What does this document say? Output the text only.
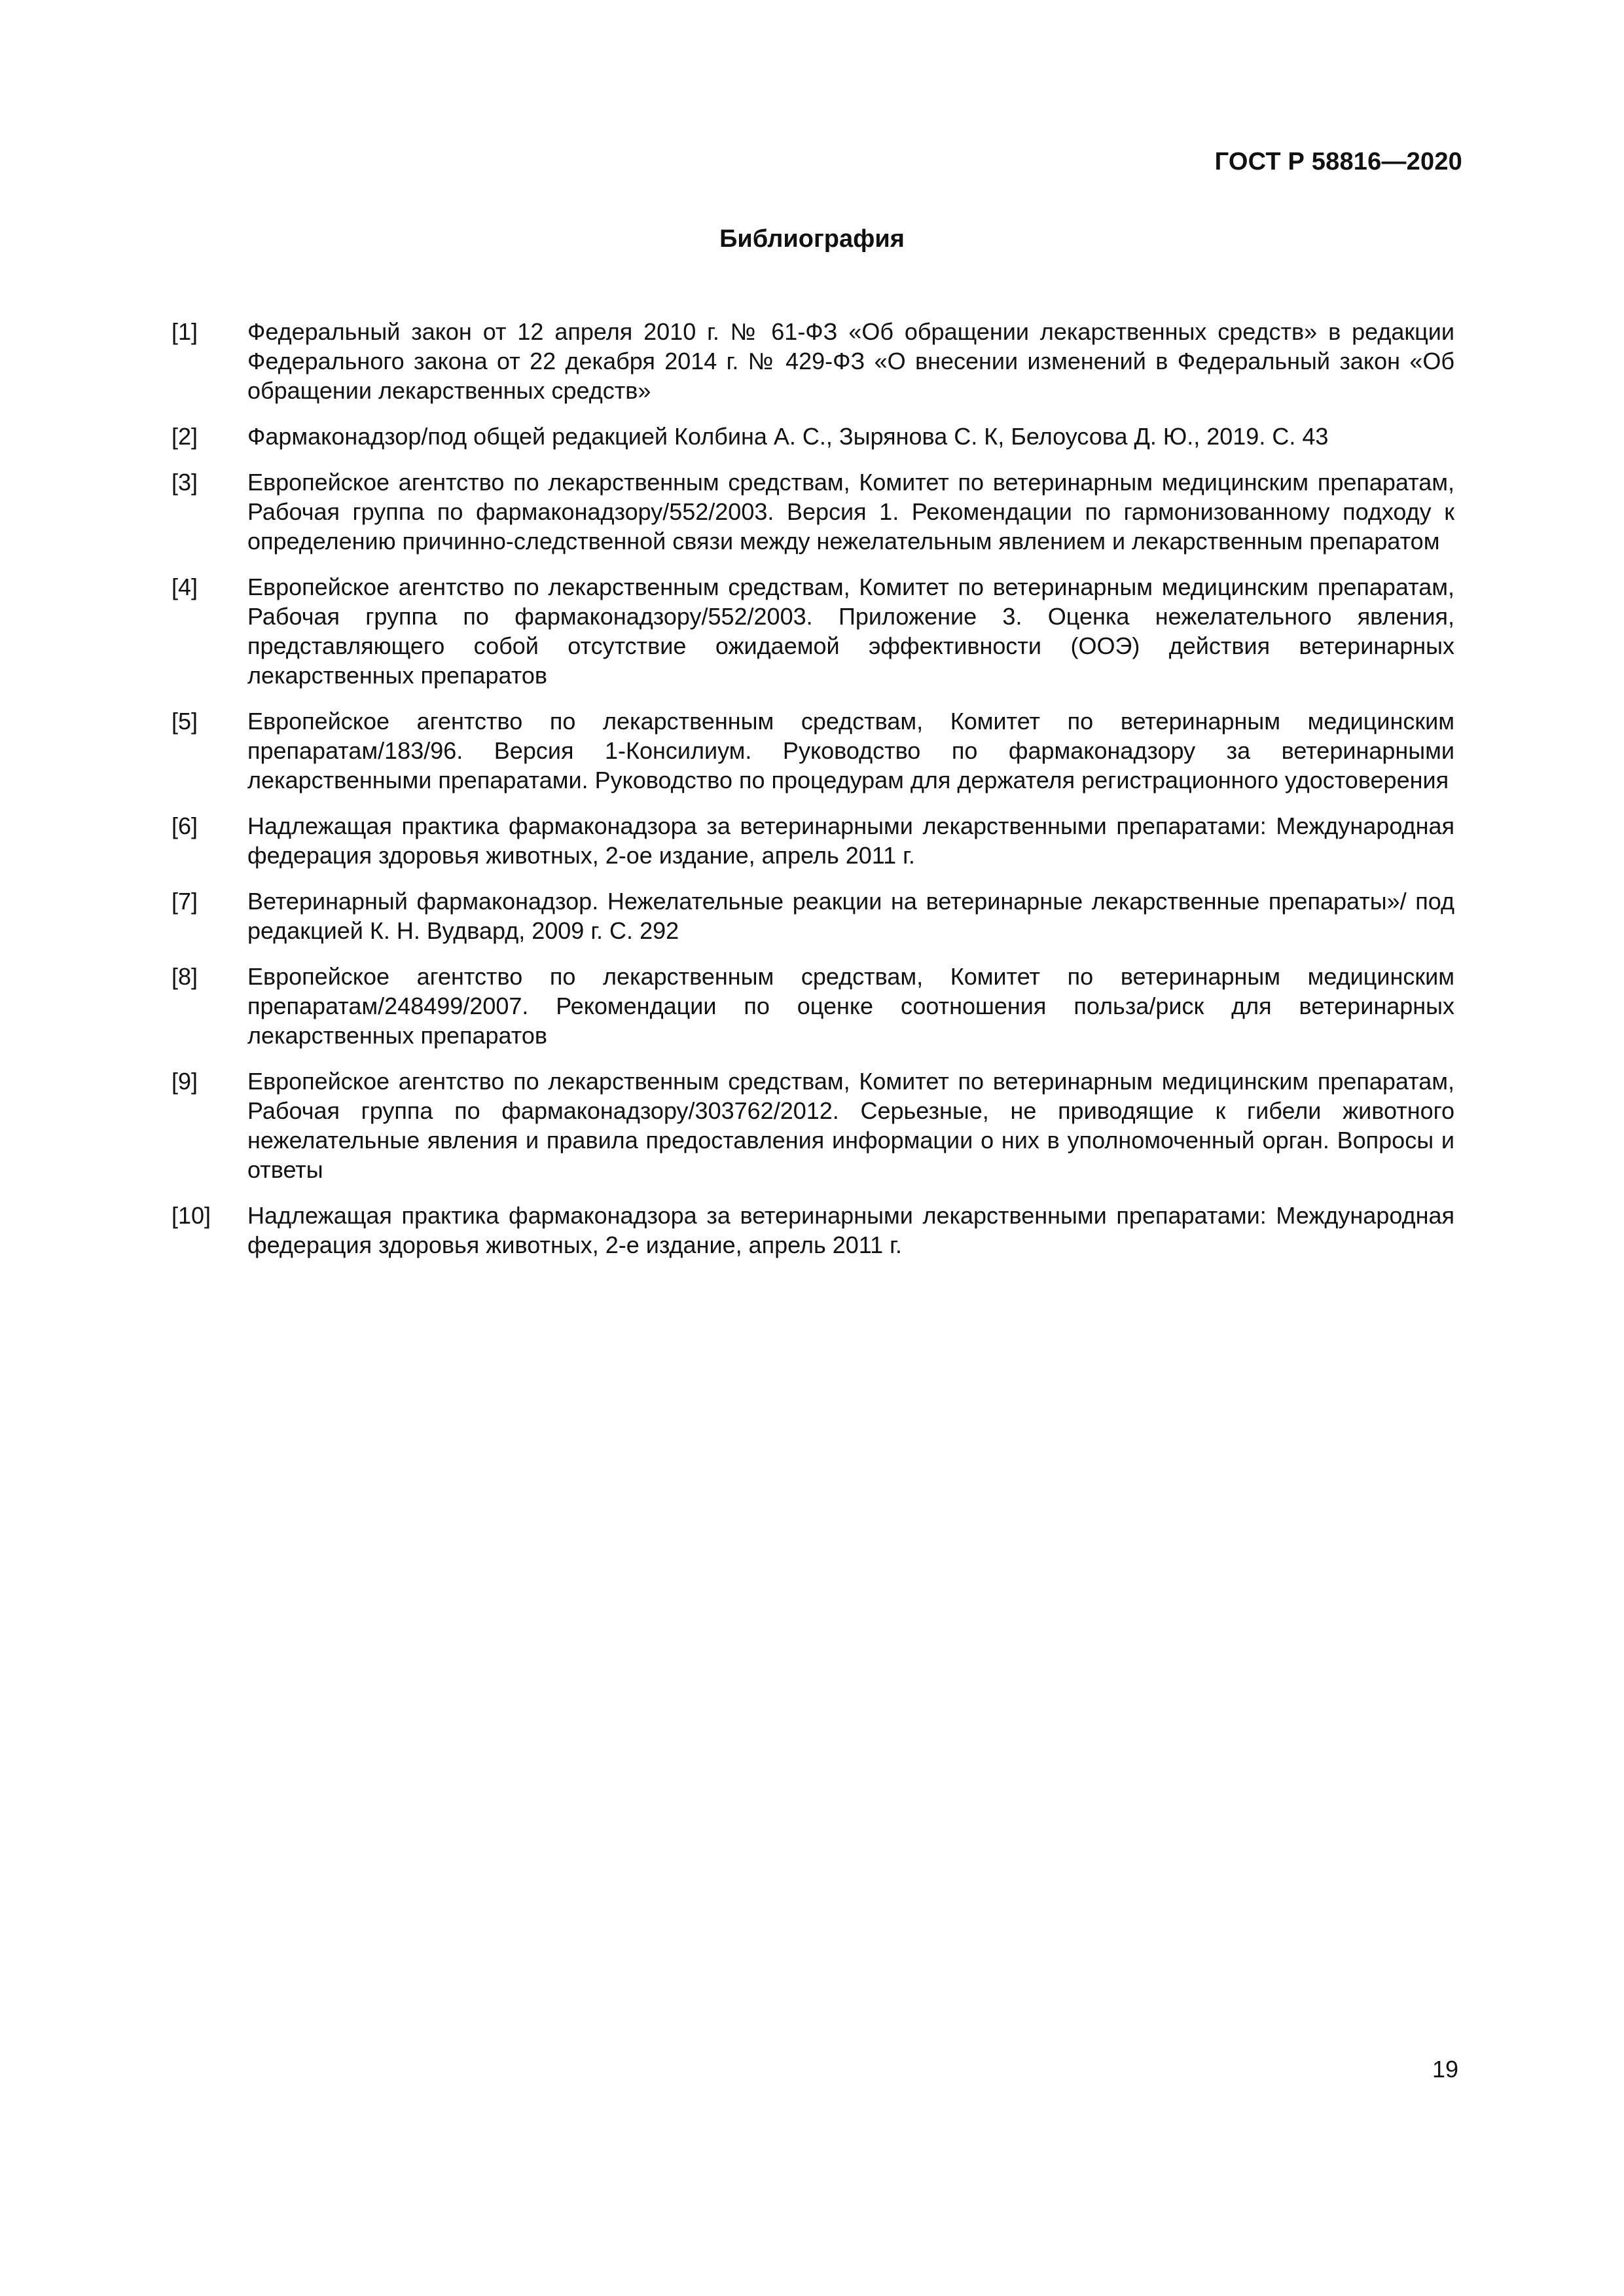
ГОСТ Р 58816—2020
Библиография
[1]	Федеральный закон от 12 апреля 2010 г. № 61-ФЗ «Об обращении лекарственных средств» в редакции Федерального закона от 22 декабря 2014 г. № 429-ФЗ «О внесении изменений в Федеральный закон «Об обращении лекарственных средств»
[2]	Фармаконадзор/под общей редакцией Колбина А. С., Зырянова С. К, Белоусова Д. Ю., 2019. С. 43
[3]	Европейское агентство по лекарственным средствам, Комитет по ветеринарным медицинским препаратам, Рабочая группа по фармаконадзору/552/2003. Версия 1. Рекомендации по гармонизованному подходу к определению причинно-следственной связи между нежелательным явлением и лекарственным препаратом
[4]	Европейское агентство по лекарственным средствам, Комитет по ветеринарным медицинским препаратам, Рабочая группа по фармаконадзору/552/2003. Приложение 3. Оценка нежелательного явления, представляющего собой отсутствие ожидаемой эффективности (ООЭ) действия ветеринарных лекарственных препаратов
[5]	Европейское агентство по лекарственным средствам, Комитет по ветеринарным медицинским препаратам/183/96. Версия 1-Консилиум. Руководство по фармаконадзору за ветеринарными лекарственными препаратами. Руководство по процедурам для держателя регистрационного удостоверения
[6]	Надлежащая практика фармаконадзора за ветеринарными лекарственными препаратами: Международная федерация здоровья животных, 2-ое издание, апрель 2011 г.
[7]	Ветеринарный фармаконадзор. Нежелательные реакции на ветеринарные лекарственные препараты»/ под редакцией К. Н. Вудвард, 2009 г. С. 292
[8]	Европейское агентство по лекарственным средствам, Комитет по ветеринарным медицинским препаратам/248499/2007. Рекомендации по оценке соотношения польза/риск для ветеринарных лекарственных препаратов
[9]	Европейское агентство по лекарственным средствам, Комитет по ветеринарным медицинским препаратам, Рабочая группа по фармаконадзору/303762/2012. Серьезные, не приводящие к гибели животного нежелательные явления и правила предоставления информации о них в уполномоченный орган. Вопросы и ответы
[10]	Надлежащая практика фармаконадзора за ветеринарными лекарственными препаратами: Международная федерация здоровья животных, 2-е издание, апрель 2011 г.
19
